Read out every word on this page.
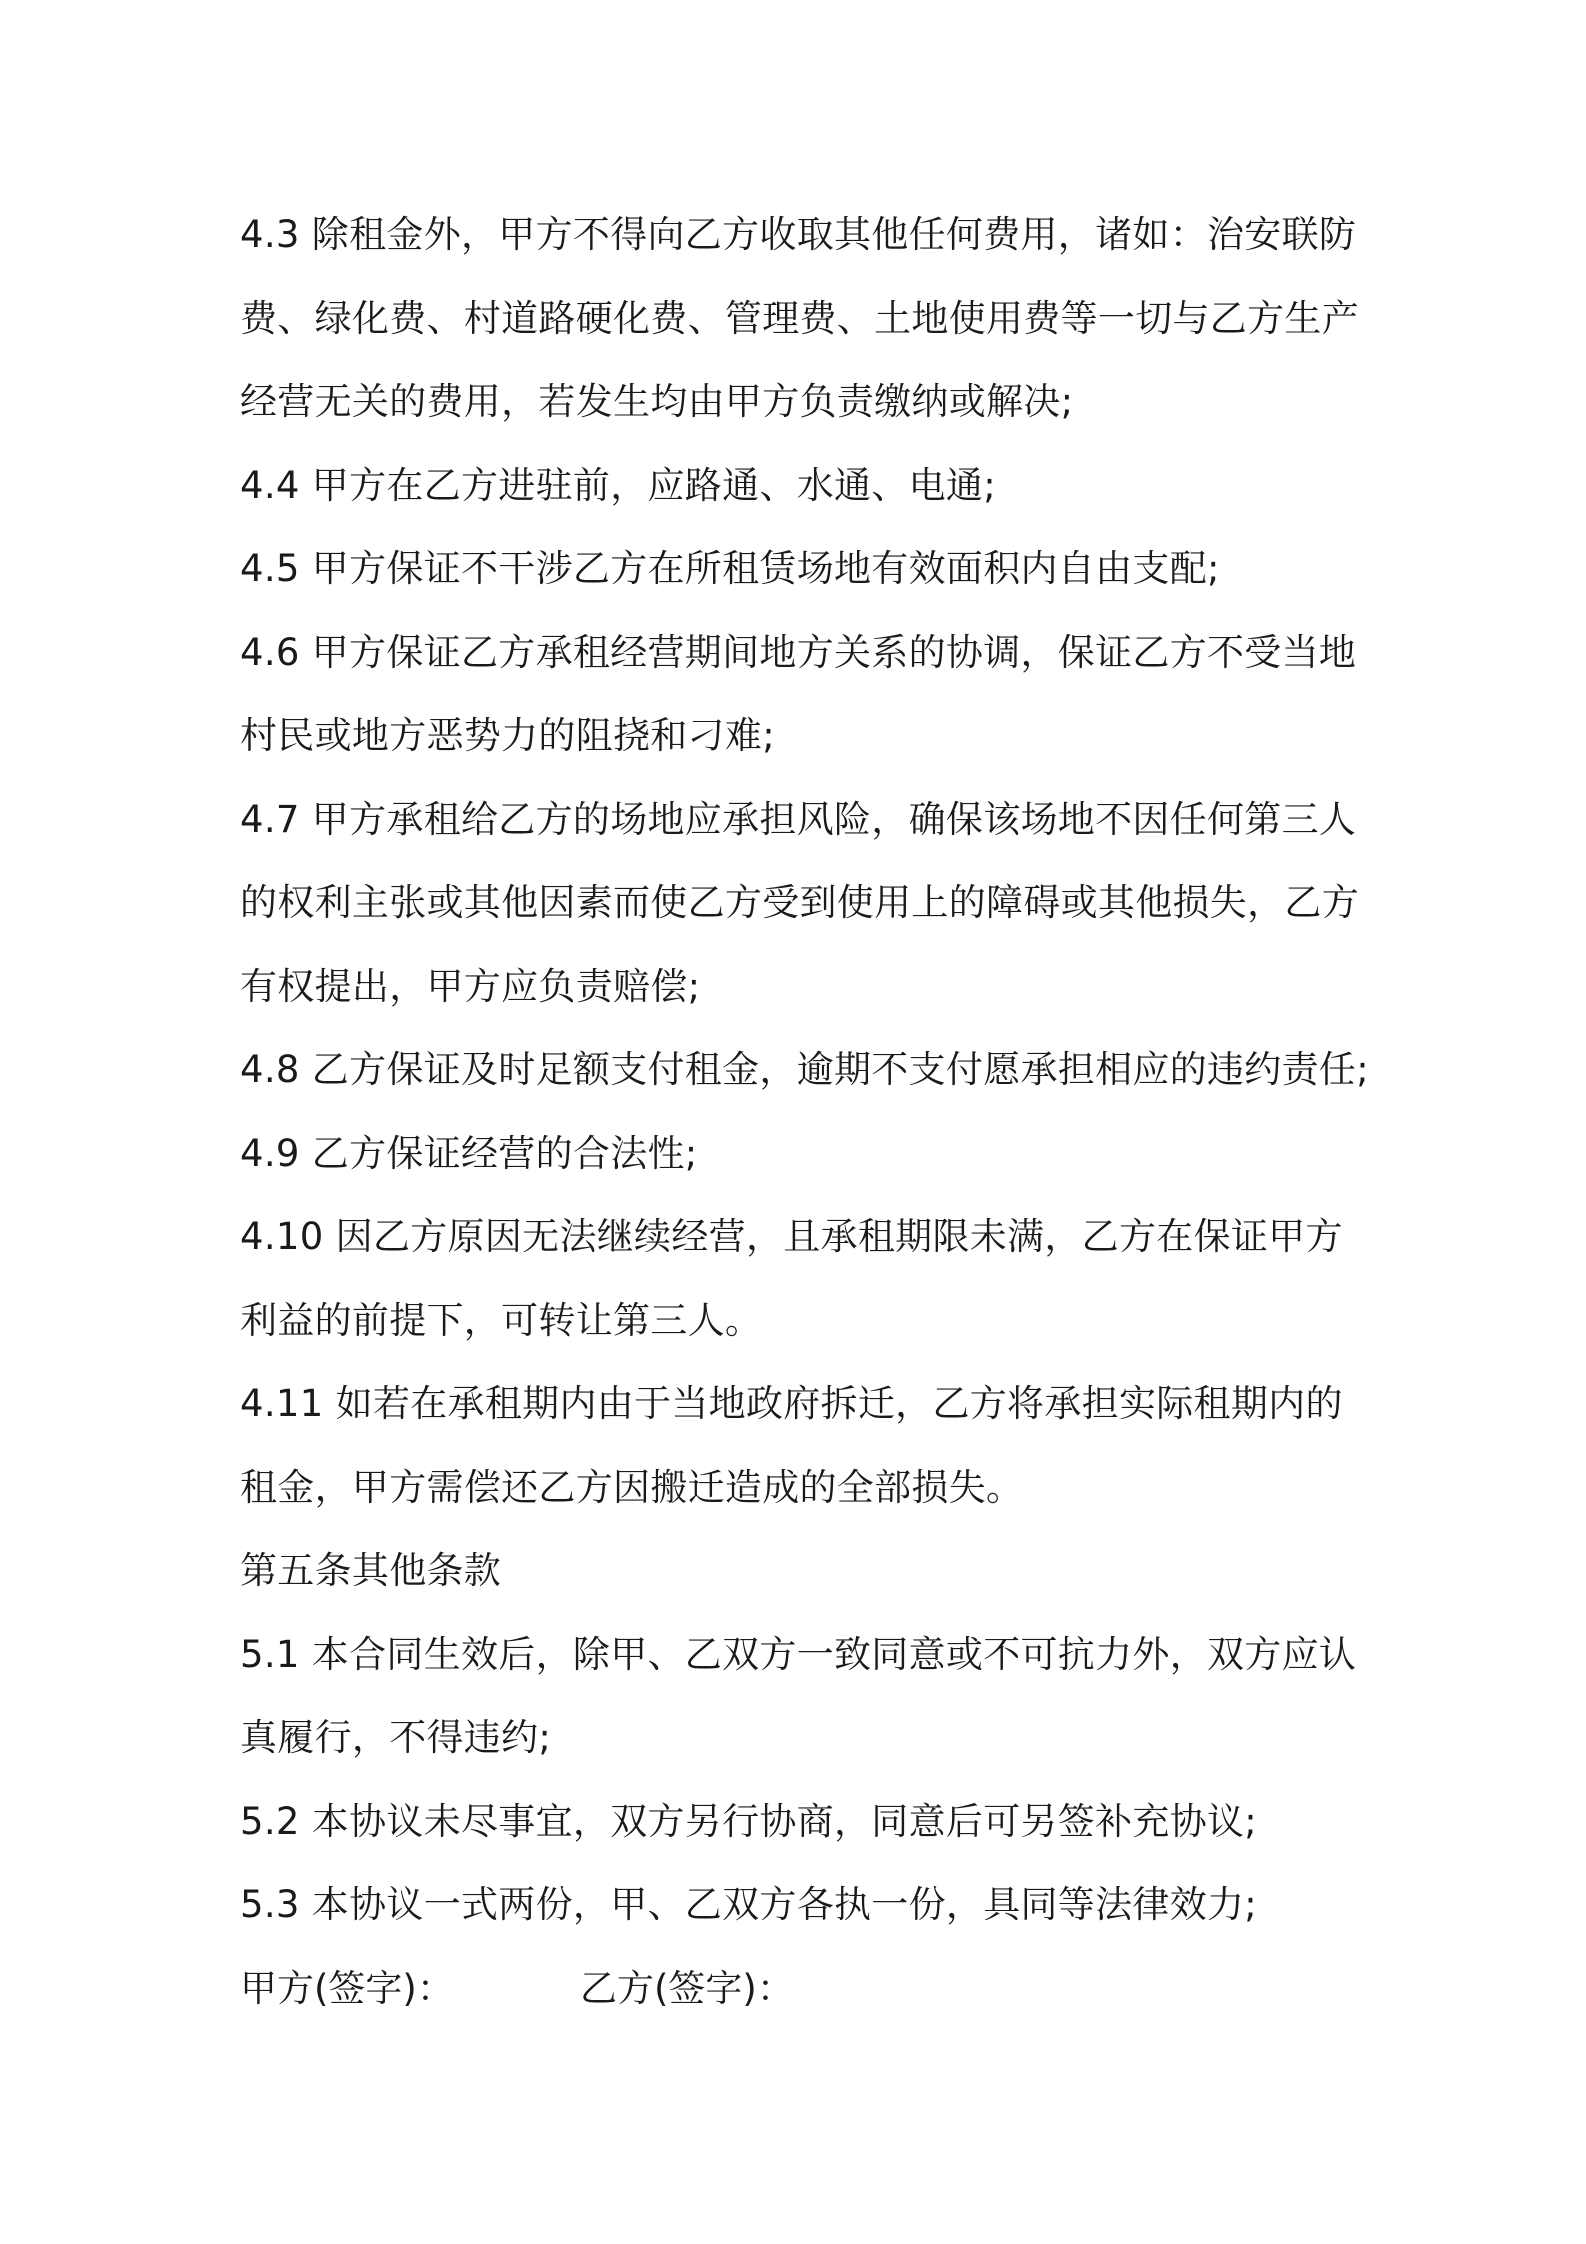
4.3 除租金外，甲方不得向乙方收取其他任何费用，诸如：治安联防
费、绿化费、村道路硬化费、管理费、土地使用费等一切与乙方生产
经营无关的费用，若发生均由甲方负责缴纳或解决;
4.4 甲方在乙方进驻前，应路通、水通、电通;
4.5 甲方保证不干涉乙方在所租赁场地有效面积内自由支配;
4.6 甲方保证乙方承租经营期间地方关系的协调，保证乙方不受当地
村民或地方恶势力的阻挠和刁难;
4.7 甲方承租给乙方的场地应承担风险，确保该场地不因任何第三人
的权利主张或其他因素而使乙方受到使用上的障碍或其他损失，乙方
有权提出，甲方应负责赔偿;
4.8 乙方保证及时足额支付租金，逾期不支付愿承担相应的违约责任;
4.9 乙方保证经营的合法性;
4.10 因乙方原因无法继续经营，且承租期限未满，乙方在保证甲方
利益的前提下，可转让第三人。
4.11 如若在承租期内由于当地政府拆迁，乙方将承担实际租期内的
租金，甲方需偿还乙方因搬迁造成的全部损失。
第五条其他条款
5.1 本合同生效后，除甲、乙双方一致同意或不可抗力外，双方应认
真履行，不得违约;
5.2 本协议未尽事宜，双方另行协商，同意后可另签补充协议;
5.3 本协议一式两份，甲、乙双方各执一份，具同等法律效力;
甲方(签字)：	乙方(签字)：
